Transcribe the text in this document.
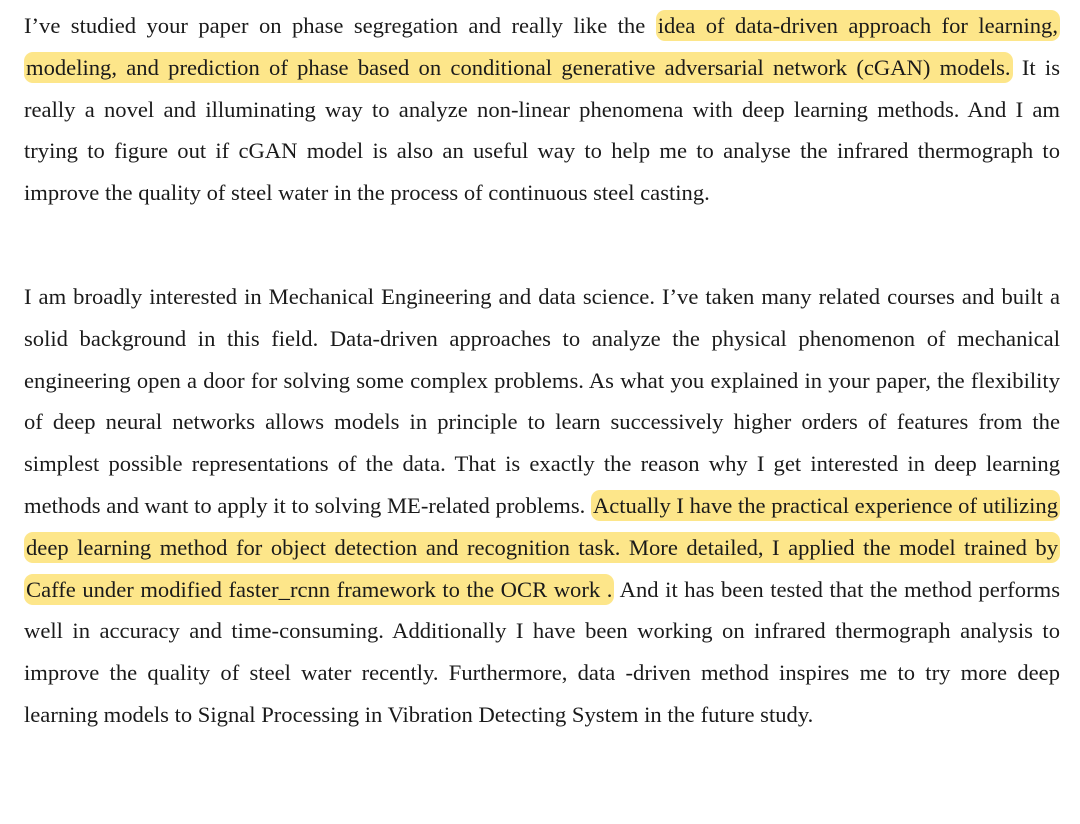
I’ve studied your paper on phase segregation and really like the idea of data-driven approach for learning, modeling, and prediction of phase based on conditional generative adversarial network (cGAN) models. It is really a novel and illuminating way to analyze non-linear phenomena with deep learning methods. And I am trying to figure out if cGAN model is also an useful way to help me to analyse the infrared thermograph to improve the quality of steel water in the process of continuous steel casting.

I am broadly interested in Mechanical Engineering and data science. I’ve taken many related courses and built a solid background in this field. Data-driven approaches to analyze the physical phenomenon of mechanical engineering open a door for solving some complex problems. As what you explained in your paper, the flexibility of deep neural networks allows models in principle to learn successively higher orders of features from the simplest possible representations of the data. That is exactly the reason why I get interested in deep learning methods and want to apply it to solving ME-related problems. Actually I have the practical experience of utilizing deep learning method for object detection and recognition task. More detailed, I applied the model trained by Caffe under modified faster_rcnn framework to the OCR work . And it has been tested that the method performs well in accuracy and time-consuming. Additionally I have been working on infrared thermograph analysis to improve the quality of steel water recently. Furthermore, data -driven method inspires me to try more deep learning models to Signal Processing in Vibration Detecting System in the future study.
